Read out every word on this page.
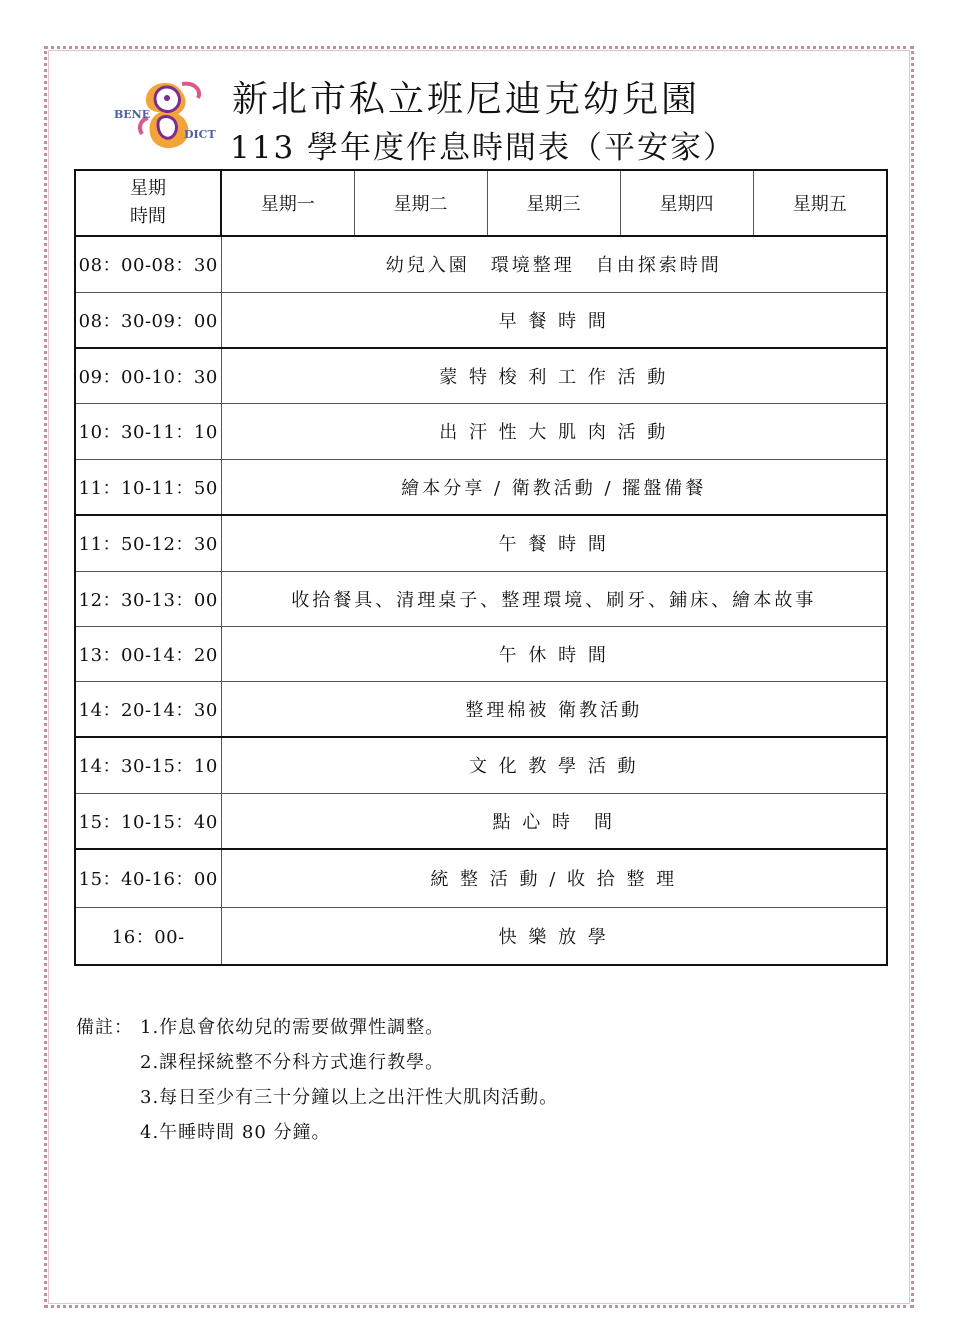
BENE
DICT
新北市私立班尼迪克幼兒園
113 學年度作息時間表（平安家）
星期
時間	星期一	星期二	星期三	星期四	星期五
08：00-08：30	幼兒入園　環境整理　自由探索時間				
08：30-09：00	早 餐 時 間				
09：00-10：30	蒙 特 梭 利 工 作 活 動				
10：30-11：10	出 汗 性 大 肌 肉 活 動				
11：10-11：50	繪本分享 / 衛教活動 / 擺盤備餐				
11：50-12：30	午 餐 時 間				
12：30-13：00	收拾餐具、清理桌子、整理環境、刷牙、鋪床、繪本故事				
13：00-14：20	午 休 時 間				
14：20-14：30	整理棉被 衛教活動				
14：30-15：10	文 化 教 學 活 動				
15：10-15：40	點 心 時　間				
15：40-16：00	統 整 活 動 / 收 拾 整 理				
16：00-	快 樂 放 學				
備註： 1.作息會依幼兒的需要做彈性調整。
2.課程採統整不分科方式進行教學。
3.每日至少有三十分鐘以上之出汗性大肌肉活動。
4.午睡時間 80 分鐘。
